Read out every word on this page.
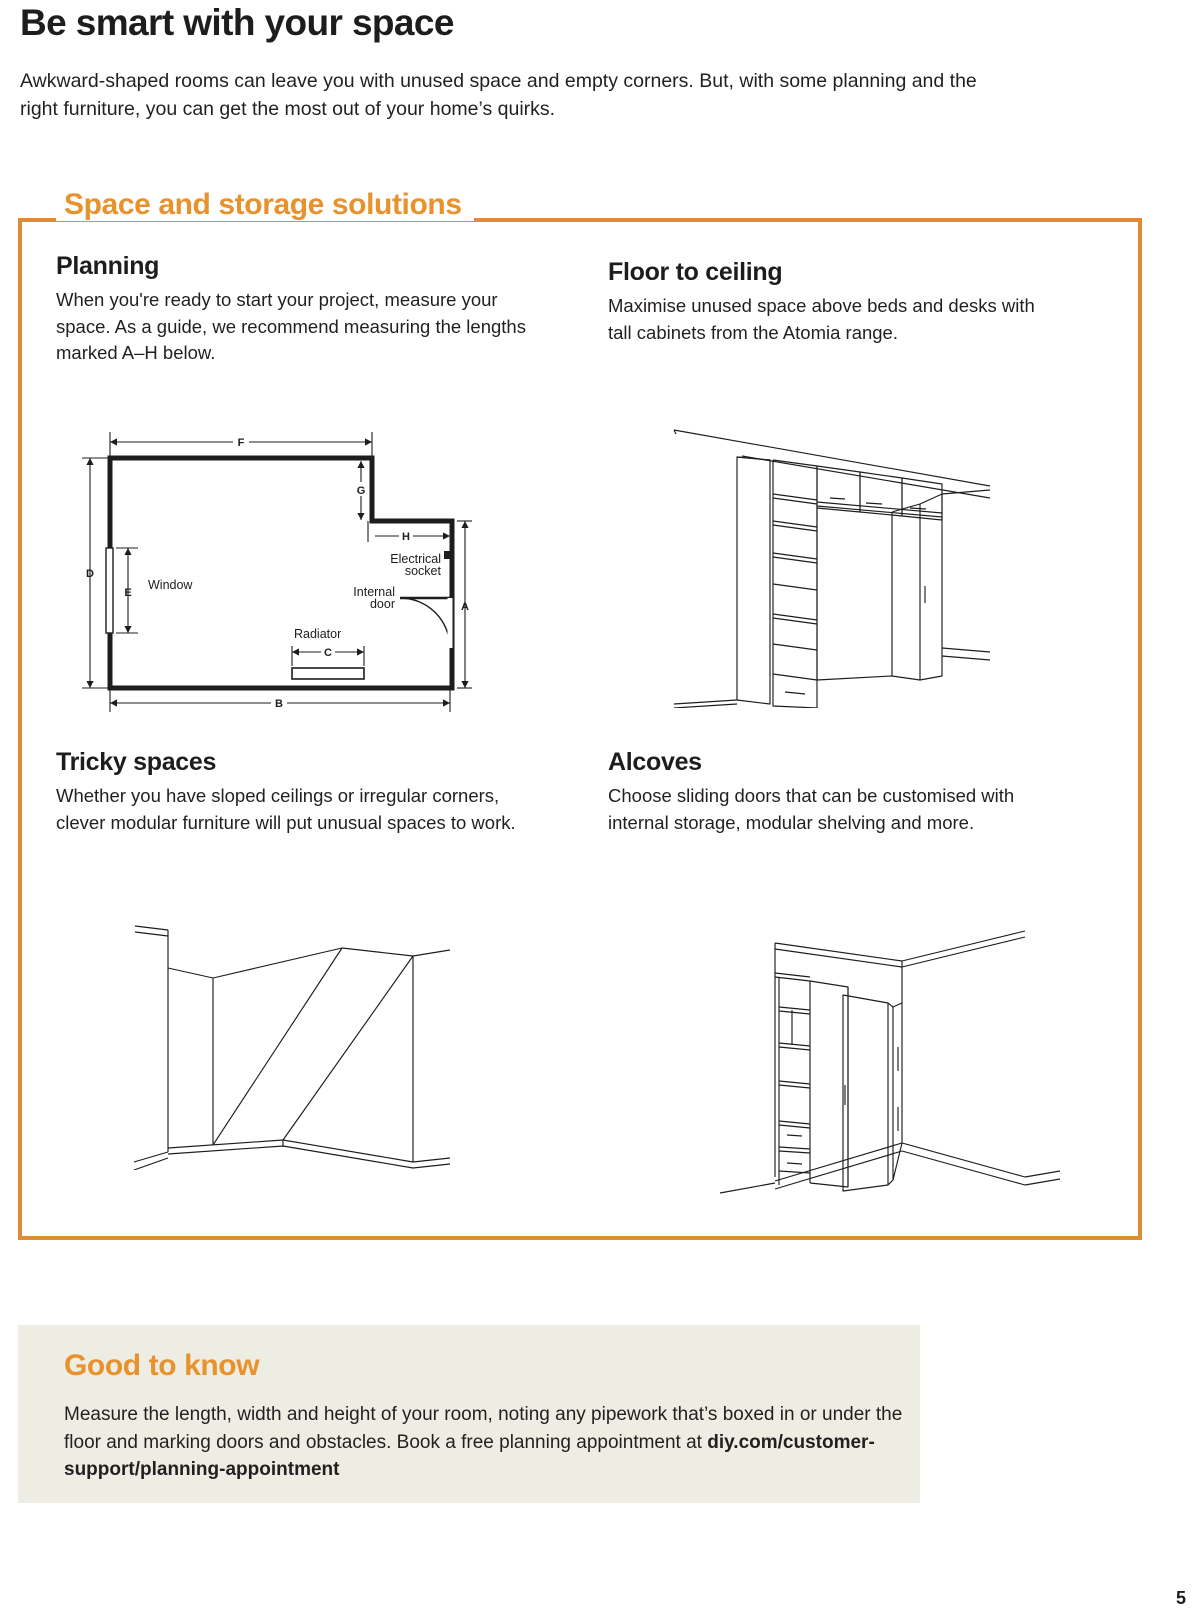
Be smart with your space

Awkward-shaped rooms can leave you with unused space and empty corners. But, with some planning and the right furniture, you can get the most out of your home’s quirks.

Space and storage solutions
Planning

When you're ready to start your project, measure your space. As a guide, we recommend measuring the lengths marked A–H below.

F
G
H
D
E
A
B
C
Window
Radiator
Internal
door
Electrical
socket
Floor to ceiling

Maximise unused space above beds and desks with tall cabinets from the Atomia range.

Tricky spaces

Whether you have sloped ceilings or irregular corners, clever modular furniture will put unusual spaces to work.

Alcoves

Choose sliding doors that can be customised with internal storage, modular shelving and more.

Good to know

Measure the length, width and height of your room, noting any pipework that’s boxed in or under the floor and marking doors and obstacles. Book a free planning appointment at diy.com/customer-support/planning-appointment

5
